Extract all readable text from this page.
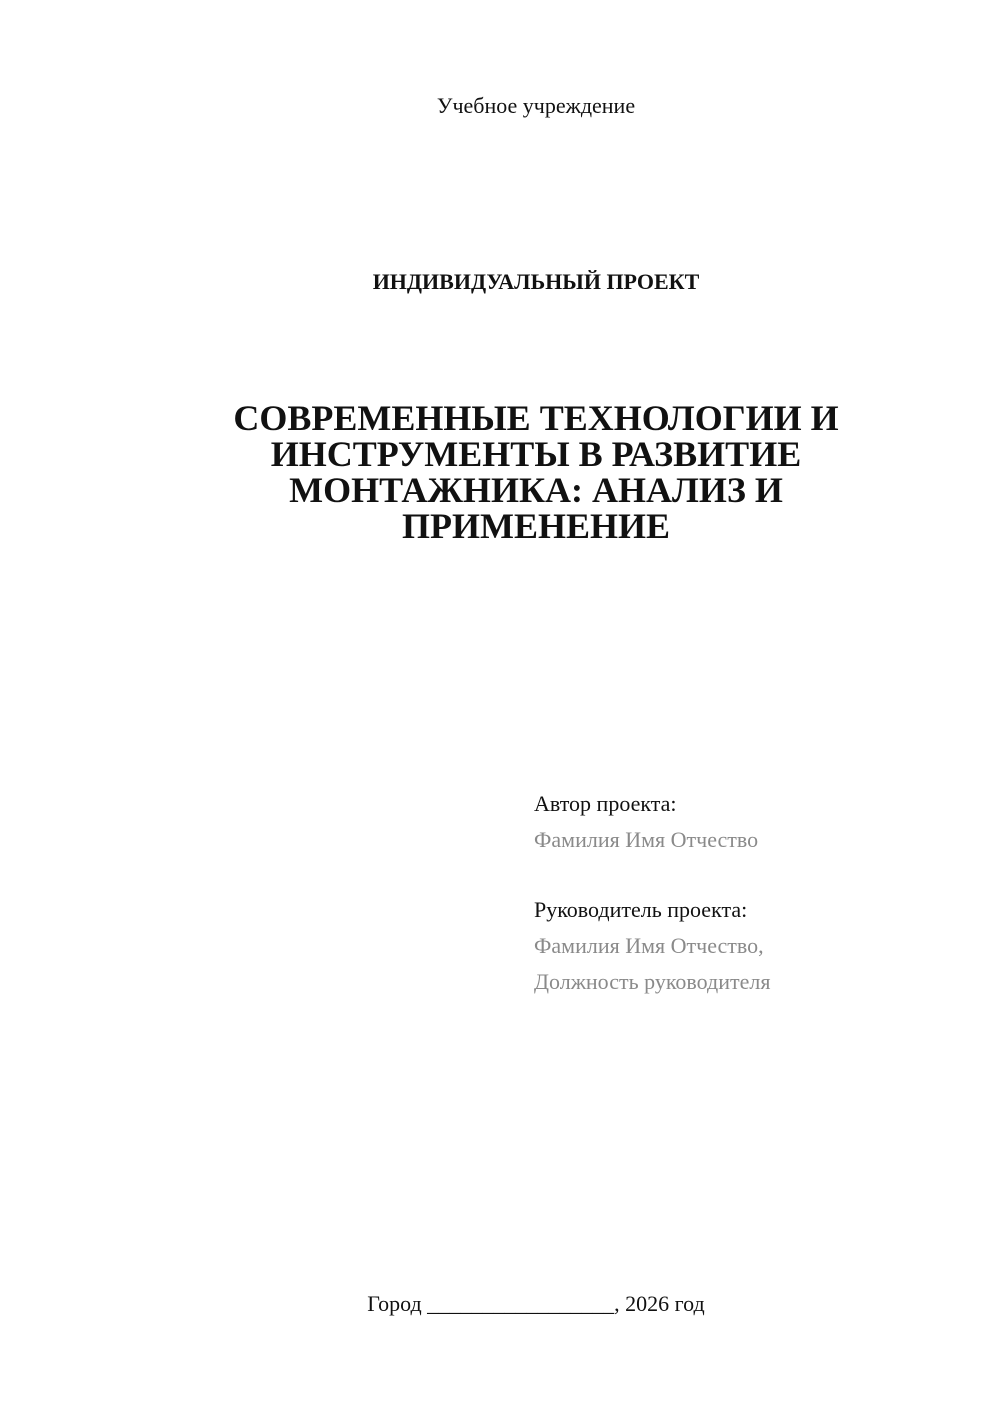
Учебное учреждение
ИНДИВИДУАЛЬНЫЙ ПРОЕКТ
СОВРЕМЕННЫЕ ТЕХНОЛОГИИ И
ИНСТРУМЕНТЫ В РАЗВИТИЕ
МОНТАЖНИКА: АНАЛИЗ И
ПРИМЕНЕНИЕ
Автор проекта:
Фамилия Имя Отчество
Руководитель проекта:
Фамилия Имя Отчество,
Должность руководителя
Город _________________, 2026 год
